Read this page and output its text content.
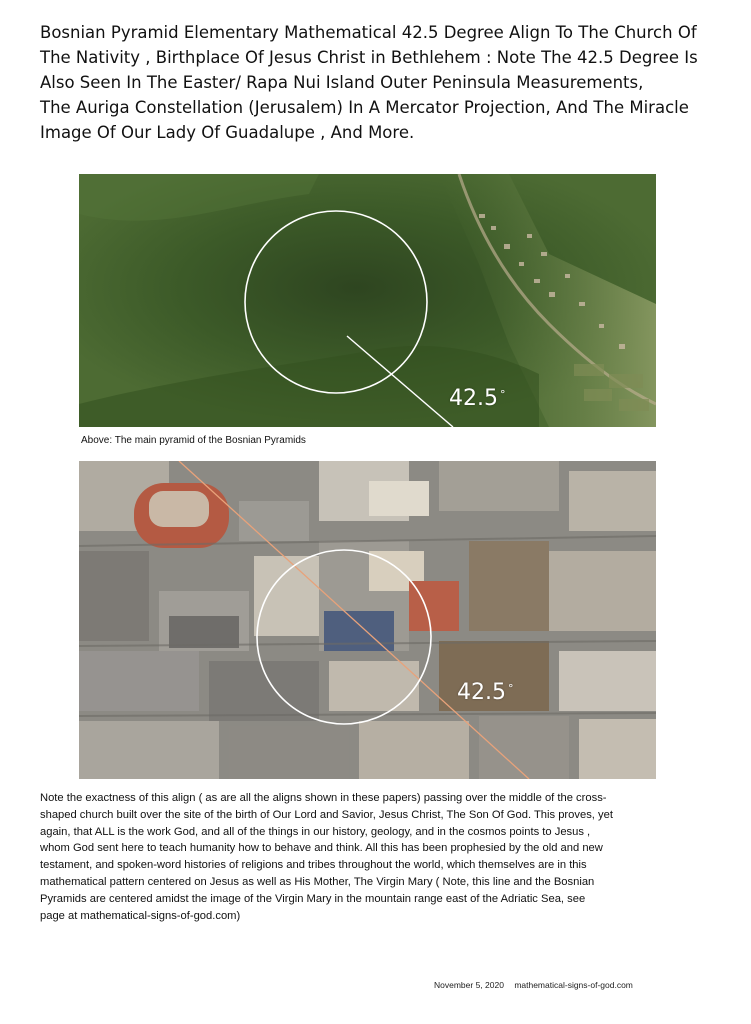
Bosnian Pyramid Elementary Mathematical 42.5 Degree Align To The Church Of
The Nativity , Birthplace Of Jesus Christ in Bethlehem : Note The 42.5 Degree Is
Also Seen In The Easter/ Rapa Nui Island Outer Peninsula Measurements,
The Auriga Constellation (Jerusalem) In A Mercator Projection, And The Miracle
Image Of Our Lady Of Guadalupe , And More.
42.5 °
Above: The main pyramid of the Bosnian Pyramids
42.5 °
Note the exactness of this align ( as are all the aligns shown in these papers) passing over the middle of the cross-
shaped church built over the site of the birth of Our Lord and Savior, Jesus Christ, The Son Of God. This proves, yet
again, that ALL is the work God, and all of the things in our history, geology, and in the cosmos points to Jesus ,
whom God sent here to teach humanity how to behave and think. All this has been prophesied by the old and new
testament, and spoken-word histories of religions and tribes throughout the world, which themselves are in this
mathematical pattern centered on Jesus as well as His Mother, The Virgin Mary ( Note, this line and the Bosnian
Pyramids are centered amidst the image of the Virgin Mary in the mountain range east of the Adriatic Sea, see
page at mathematical-signs-of-god.com)
November 5, 2020 mathematical-signs-of-god.com
